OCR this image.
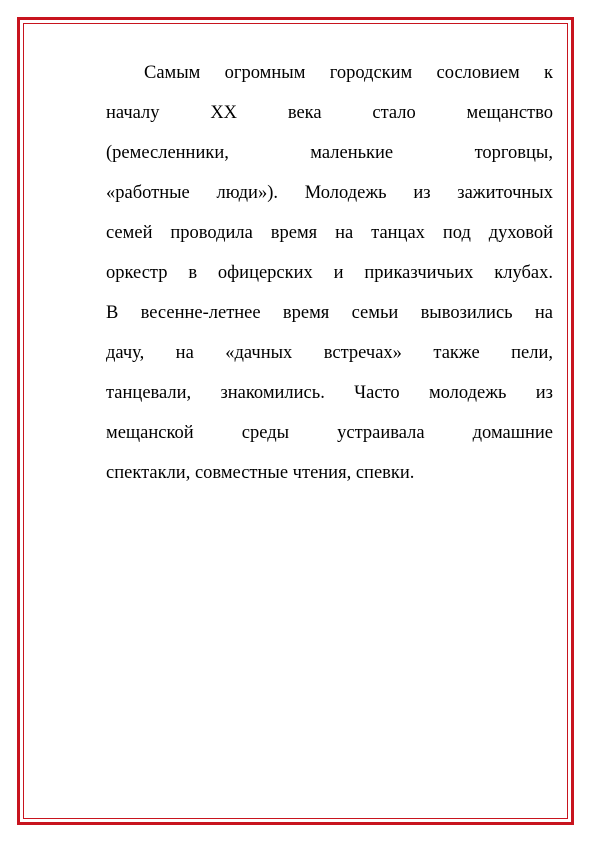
Самым огромным городским сословием к
началу XX века стало мещанство
(ремесленники, маленькие торговцы,
«работные люди»). Молодежь из зажиточных
семей проводила время на танцах под духовой
оркестр в офицерских и приказчичьих клубах.
В весенне-летнее время семьи вывозились на
дачу, на «дачных встречах» также пели,
танцевали, знакомились. Часто молодежь из
мещанской среды устраивала домашние
спектакли, совместные чтения, спевки.
